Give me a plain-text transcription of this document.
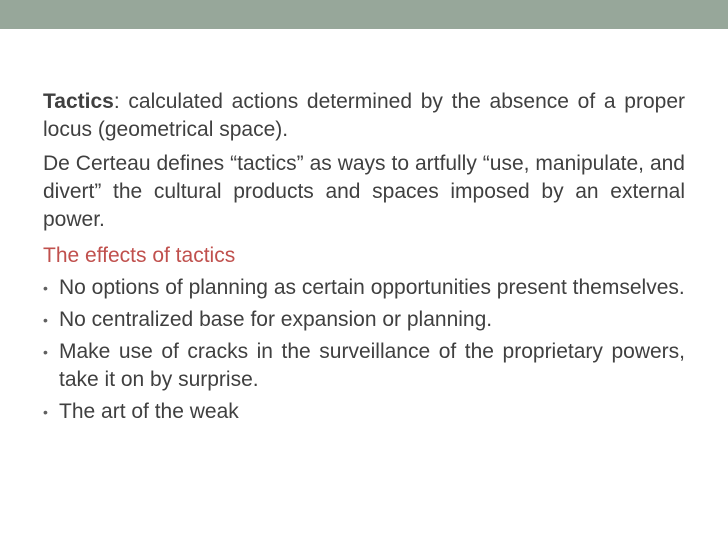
Tactics: calculated actions determined by the absence of a proper locus (geometrical space).

De Certeau defines “tactics” as ways to artfully “use, manipulate, and divert” the cultural products and spaces imposed by an external power.

The effects of tactics

• No options of planning as certain opportunities present themselves.
• No centralized base for expansion or planning.
• Make use of cracks in the surveillance of the proprietary powers, take it on by surprise.
• The art of the weak
